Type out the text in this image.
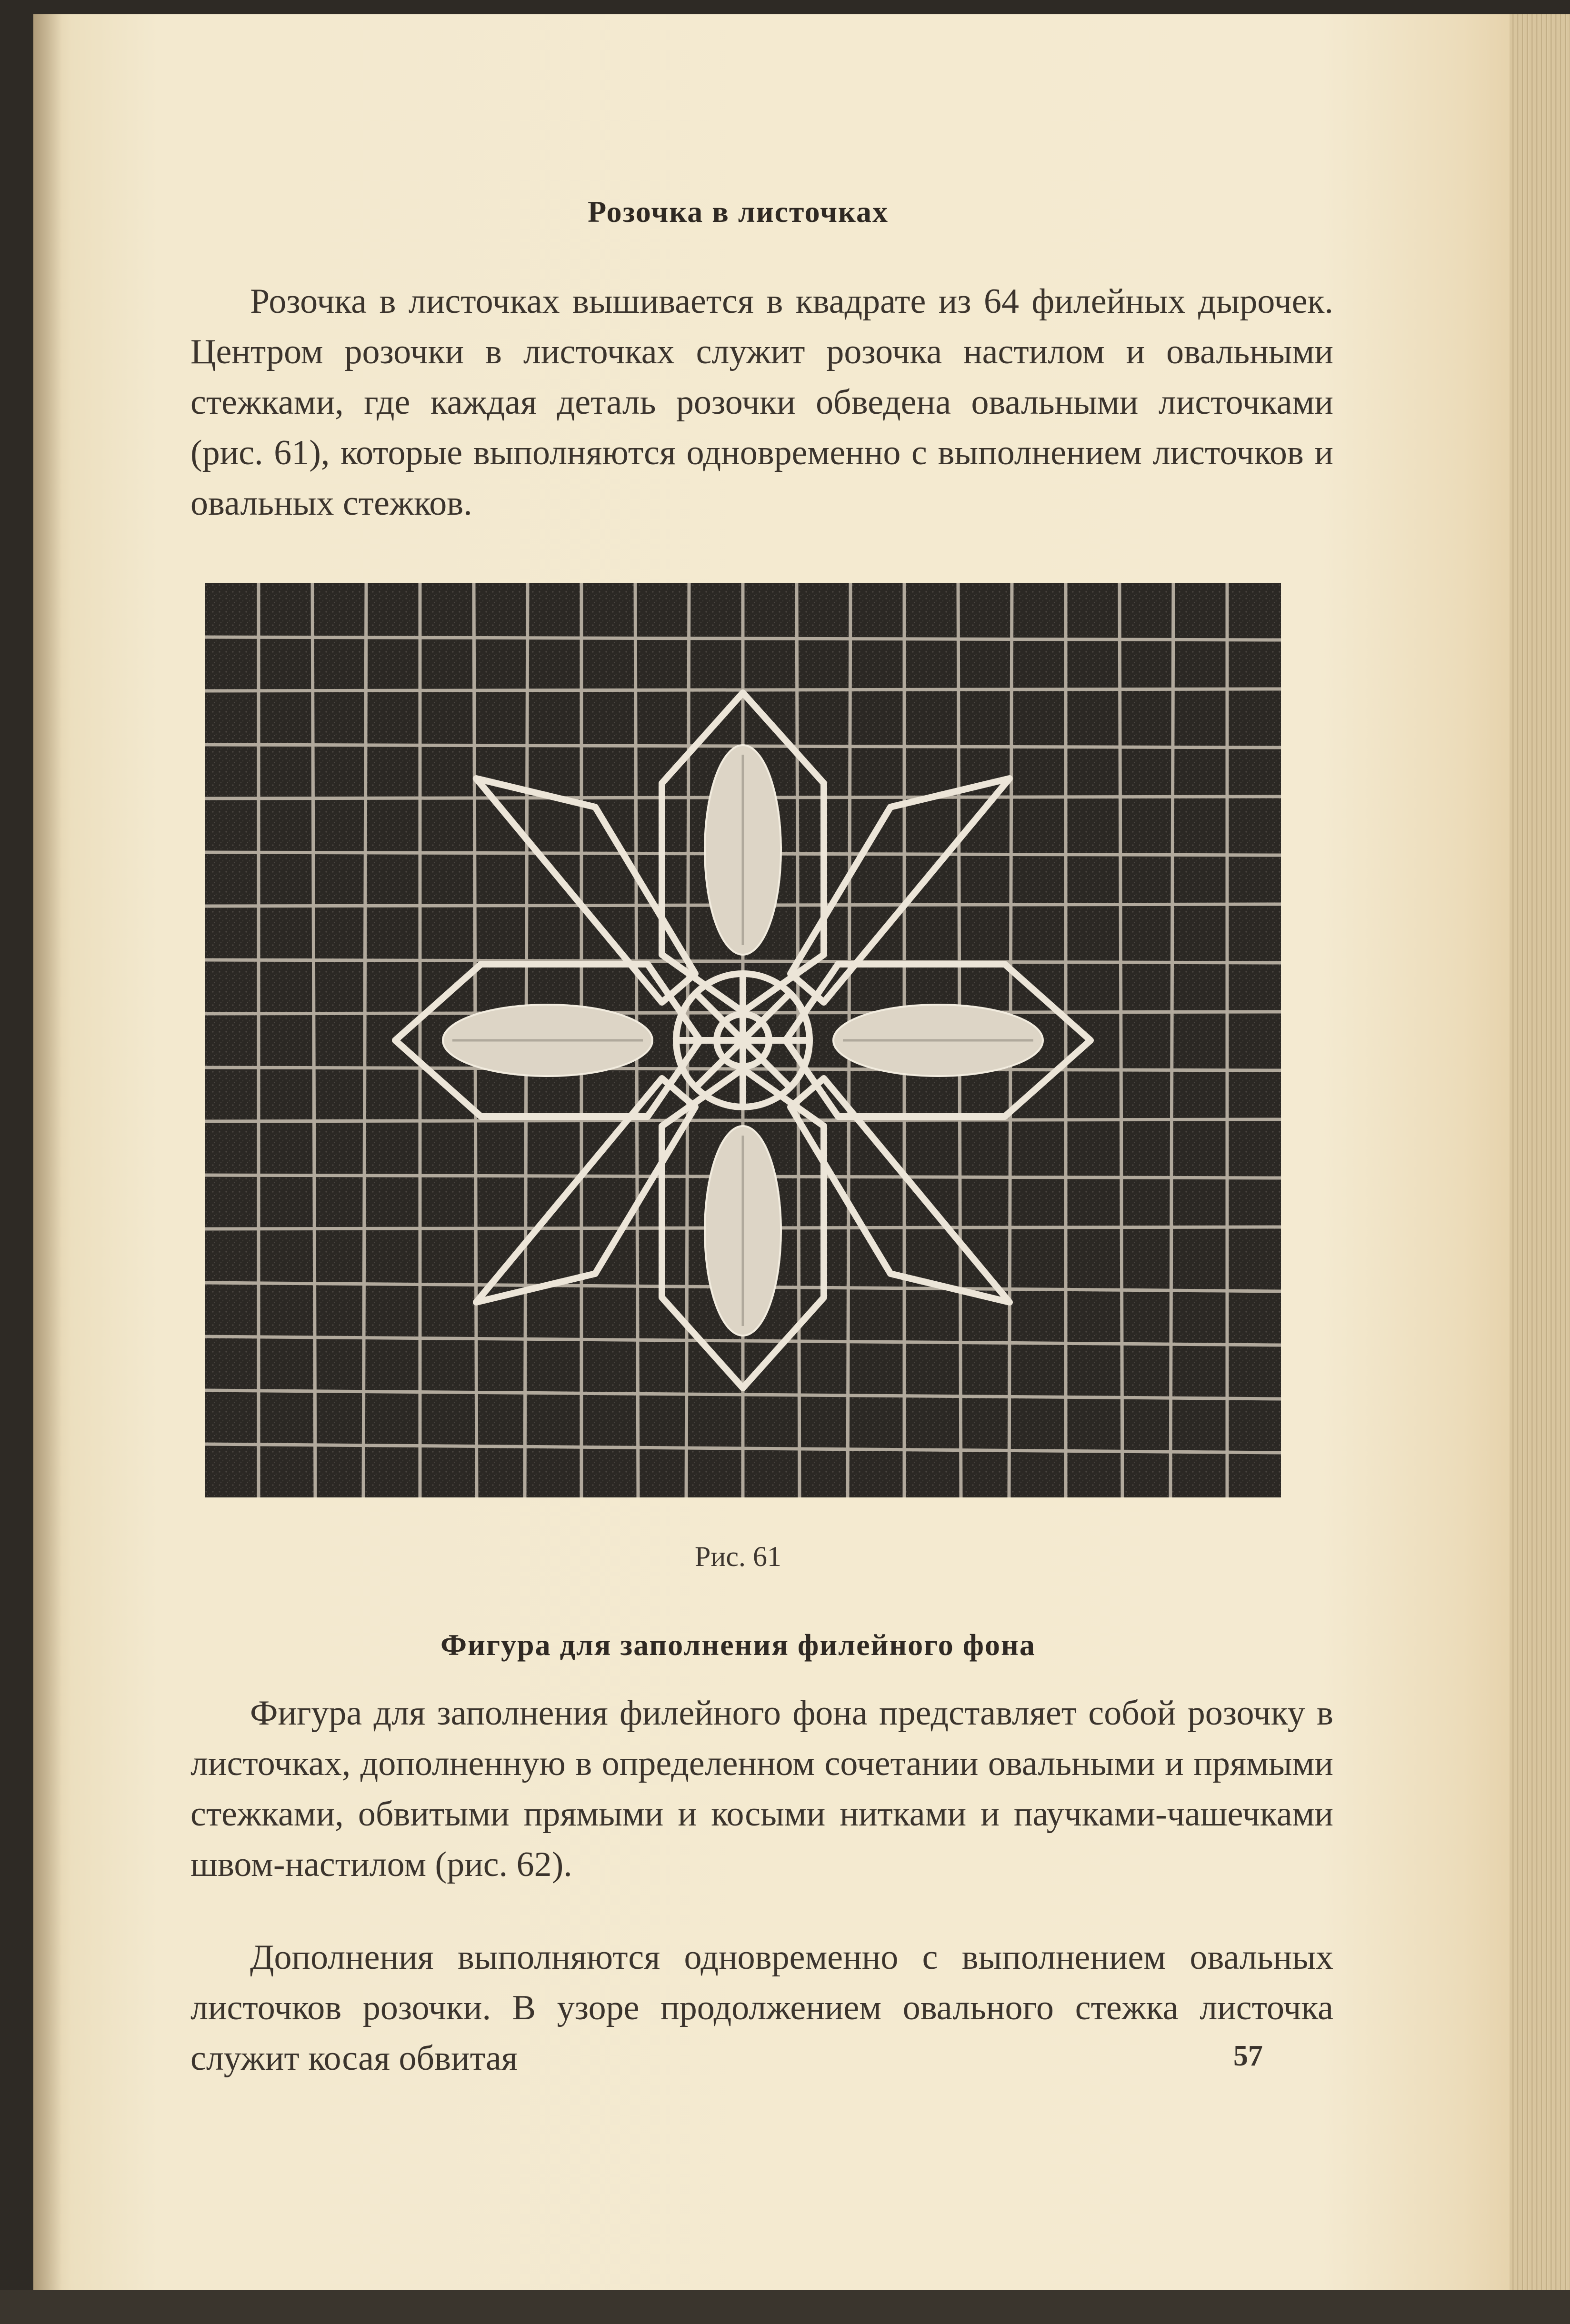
Розочка в листочках

Розочка в листочках вышивается в квадрате из 64 филейных дырочек. Центром розочки в листочках служит розочка настилом и овальными стежками, где каждая деталь розочки обведена овальными листочками (рис. 61), которые выполняются одновременно с выполнением листочков и овальных стежков.

Рис. 61
Фигура для заполнения филейного фона

Фигура для заполнения филейного фона представляет собой розочку в листочках, дополненную в определенном сочетании овальными и прямыми стежками, обвитыми прямыми и косыми нитками и паучками-чашечками швом-настилом (рис. 62).

Дополнения выполняются одновременно с выполнением овальных листочков розочки. В узоре продолжением овального стежка листочка служит косая обвитая	57
